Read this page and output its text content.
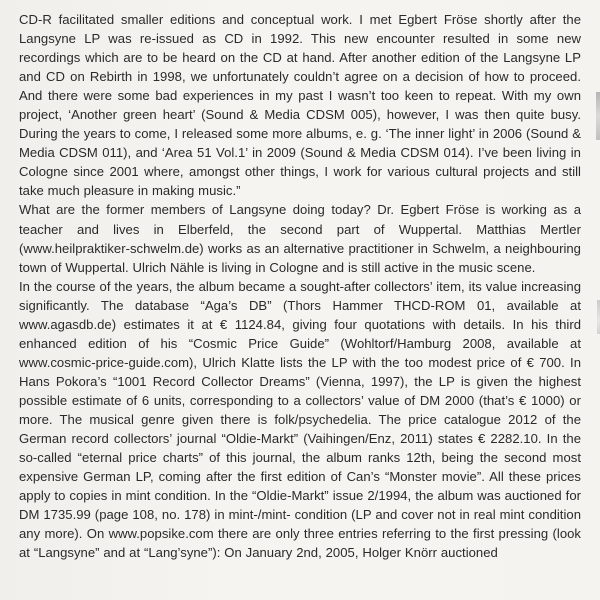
CD-R facilitated smaller editions and conceptual work. I met Egbert Fröse shortly after the Langsyne LP was re-issued as CD in 1992. This new encounter resulted in some new recordings which are to be heard on the CD at hand. After another edition of the Langsyne LP and CD on Rebirth in 1998, we unfortunately couldn’t agree on a decision of how to proceed. And there were some bad experiences in my past I wasn’t too keen to repeat. With my own project, ‘Another green heart’ (Sound & Media CDSM 005), however, I was then quite busy. During the years to come, I released some more albums, e. g. ‘The inner light’ in 2006 (Sound & Media CDSM 011), and ‘Area 51 Vol.1’ in 2009 (Sound & Media CDSM 014). I’ve been living in Cologne since 2001 where, amongst other things, I work for various cultural projects and still take much pleasure in making music.”

What are the former members of Langsyne doing today? Dr. Egbert Fröse is working as a teacher and lives in Elberfeld, the second part of Wuppertal. Matthias Mertler (www.heilpraktiker-schwelm.de) works as an alternative practitioner in Schwelm, a neighbouring town of Wuppertal. Ulrich Nähle is living in Cologne and is still active in the music scene.

In the course of the years, the album became a sought-after collectors’ item, its value increasing significantly. The database “Aga’s DB” (Thors Hammer THCD-ROM 01, available at www.agasdb.de) estimates it at € 1124.84, giving four quotations with details. In his third enhanced edition of his “Cosmic Price Guide” (Wohltorf/Hamburg 2008, available at www.cosmic-price-guide.com), Ulrich Klatte lists the LP with the too modest price of € 700. In Hans Pokora’s “1001 Record Collector Dreams” (Vienna, 1997), the LP is given the highest possible estimate of 6 units, corresponding to a collectors’ value of DM 2000 (that’s € 1000) or more. The musical genre given there is folk/psychedelia. The price catalogue 2012 of the German record collectors’ journal “Oldie-Markt” (Vaihingen/Enz, 2011) states € 2282.10. In the so-called “eternal price charts” of this journal, the album ranks 12th, being the second most expensive German LP, coming after the first edition of Can’s “Monster movie”. All these prices apply to copies in mint condition. In the “Oldie-Markt” issue 2/1994, the album was auctioned for DM 1735.99 (page 108, no. 178) in mint-/mint- condition (LP and cover not in real mint condition any more). On www.popsike.com there are only three entries referring to the first pressing (look at “Langsyne” and at “Lang’syne”): On January 2nd, 2005, Holger Knörr auctioned
